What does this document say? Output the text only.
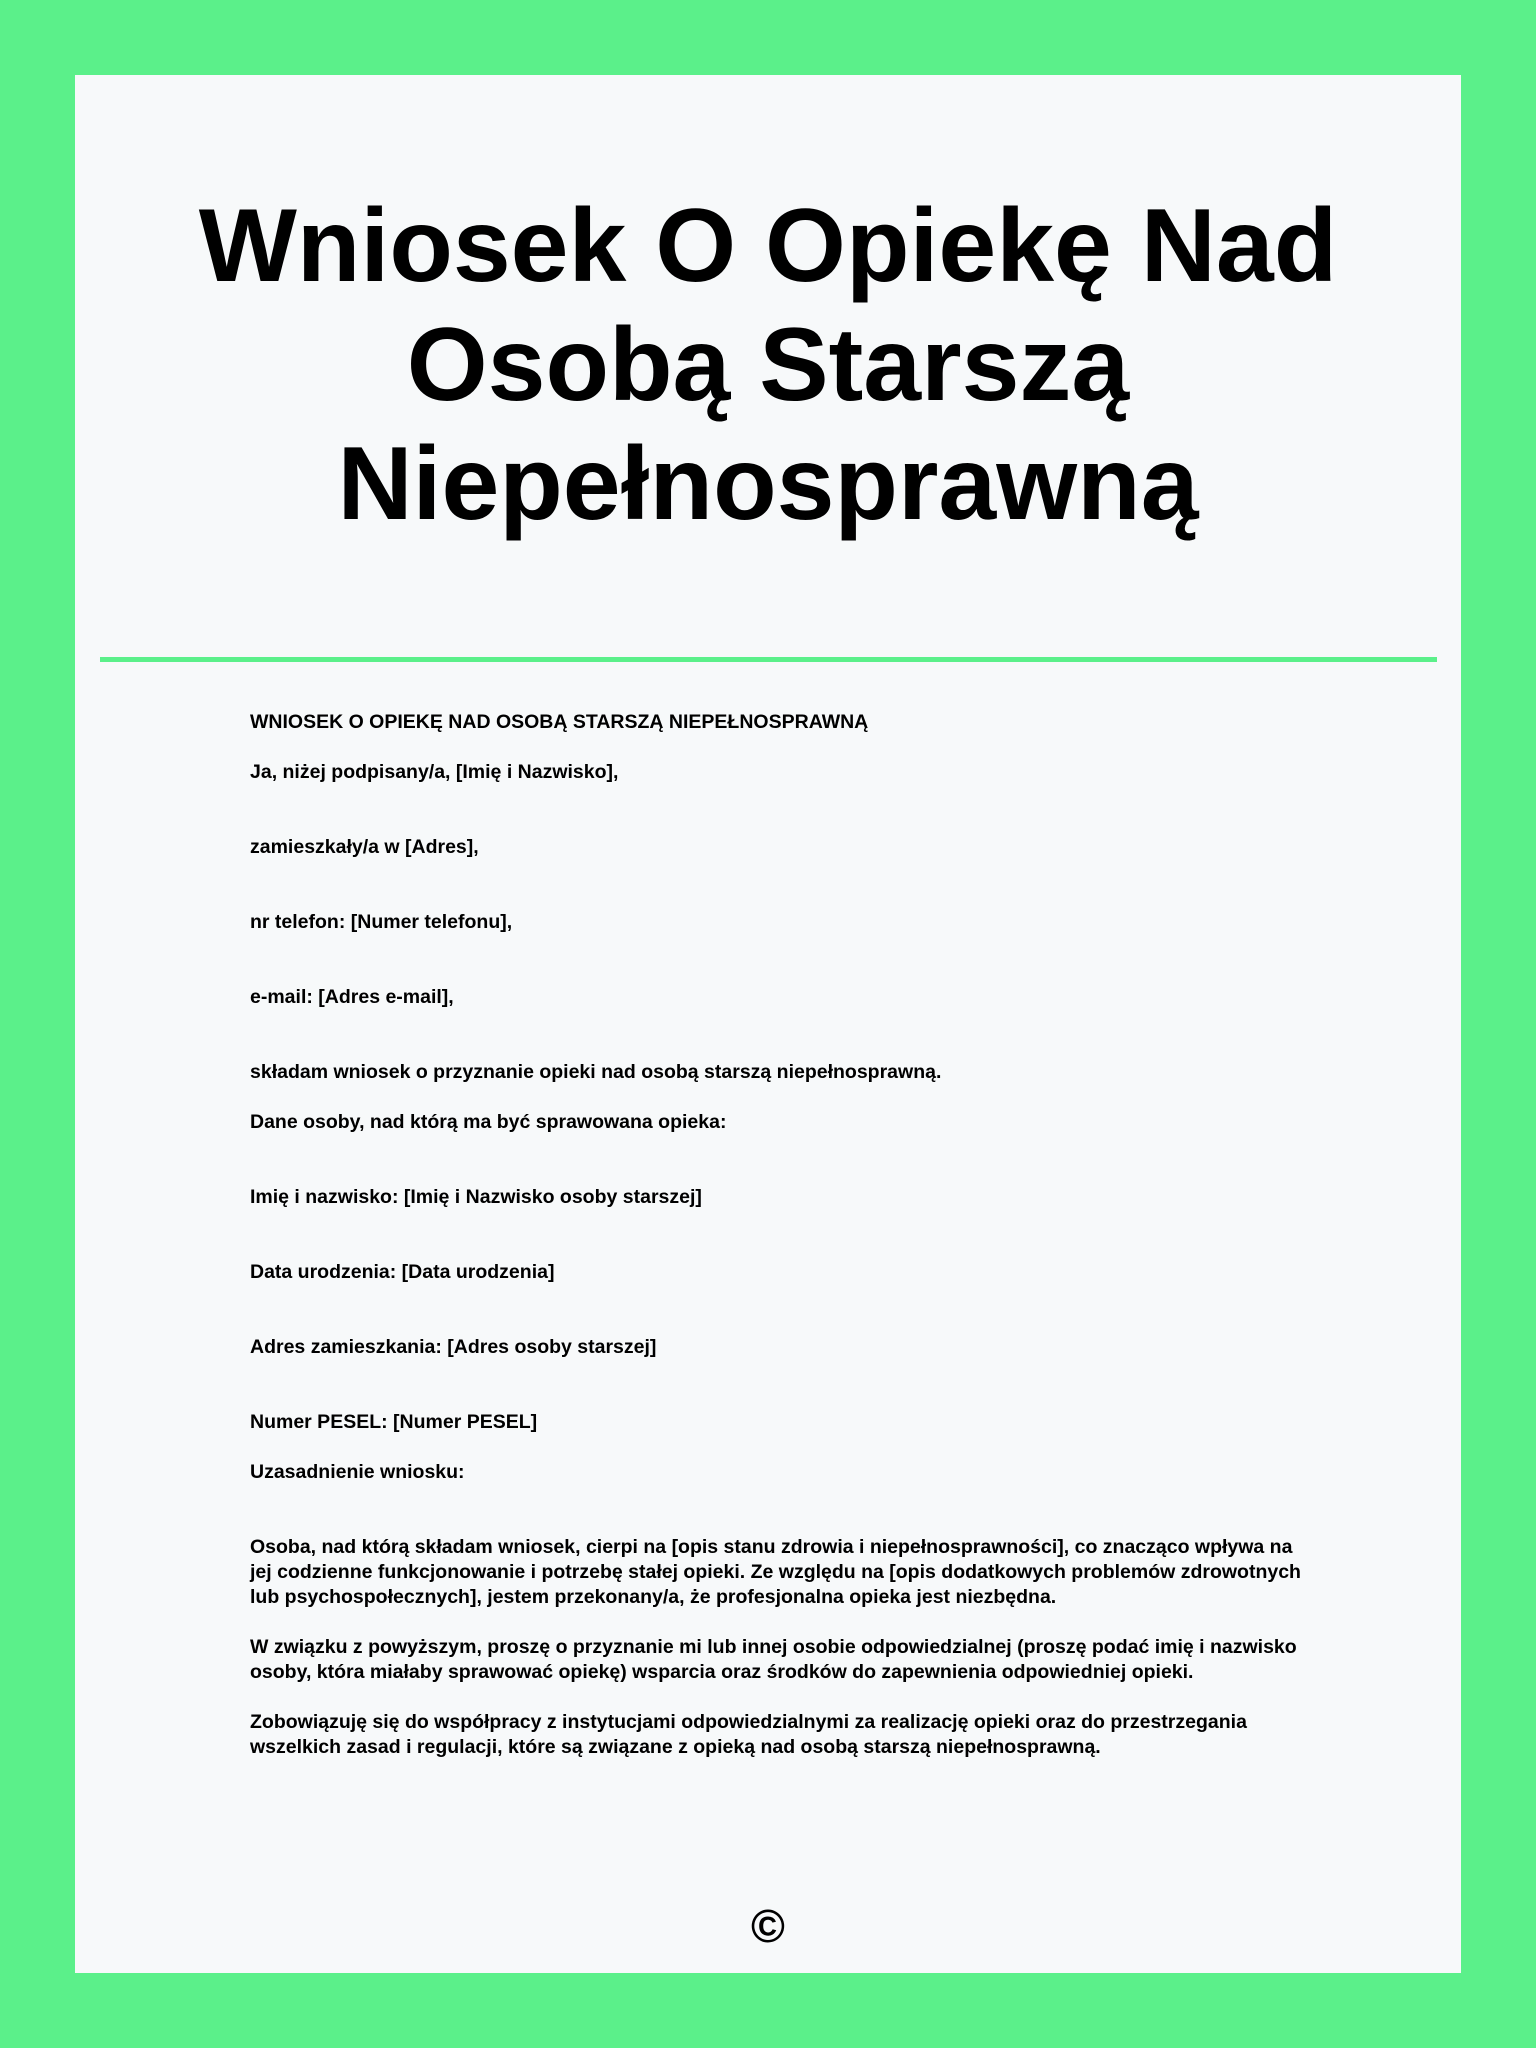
Wniosek O Opiekę Nad Osobą Starszą Niepełnosprawną

WNIOSEK O OPIEKĘ NAD OSOBĄ STARSZĄ NIEPEŁNOSPRAWNĄ

Ja, niżej podpisany/a, [Imię i Nazwisko],

zamieszkały/a w [Adres],

nr telefon: [Numer telefonu],

e-mail: [Adres e-mail],

składam wniosek o przyznanie opieki nad osobą starszą niepełnosprawną.

Dane osoby, nad którą ma być sprawowana opieka:

Imię i nazwisko: [Imię i Nazwisko osoby starszej]

Data urodzenia: [Data urodzenia]

Adres zamieszkania: [Adres osoby starszej]

Numer PESEL: [Numer PESEL]

Uzasadnienie wniosku:

Osoba, nad którą składam wniosek, cierpi na [opis stanu zdrowia i niepełnosprawności], co znacząco wpływa na jej codzienne funkcjonowanie i potrzebę stałej opieki. Ze względu na [opis dodatkowych problemów zdrowotnych lub psychospołecznych], jestem przekonany/a, że profesjonalna opieka jest niezbędna.

W związku z powyższym, proszę o przyznanie mi lub innej osobie odpowiedzialnej (proszę podać imię i nazwisko osoby, która miałaby sprawować opiekę) wsparcia oraz środków do zapewnienia odpowiedniej opieki.

Zobowiązuję się do współpracy z instytucjami odpowiedzialnymi za realizację opieki oraz do przestrzegania wszelkich zasad i regulacji, które są związane z opieką nad osobą starszą niepełnosprawną.

©
